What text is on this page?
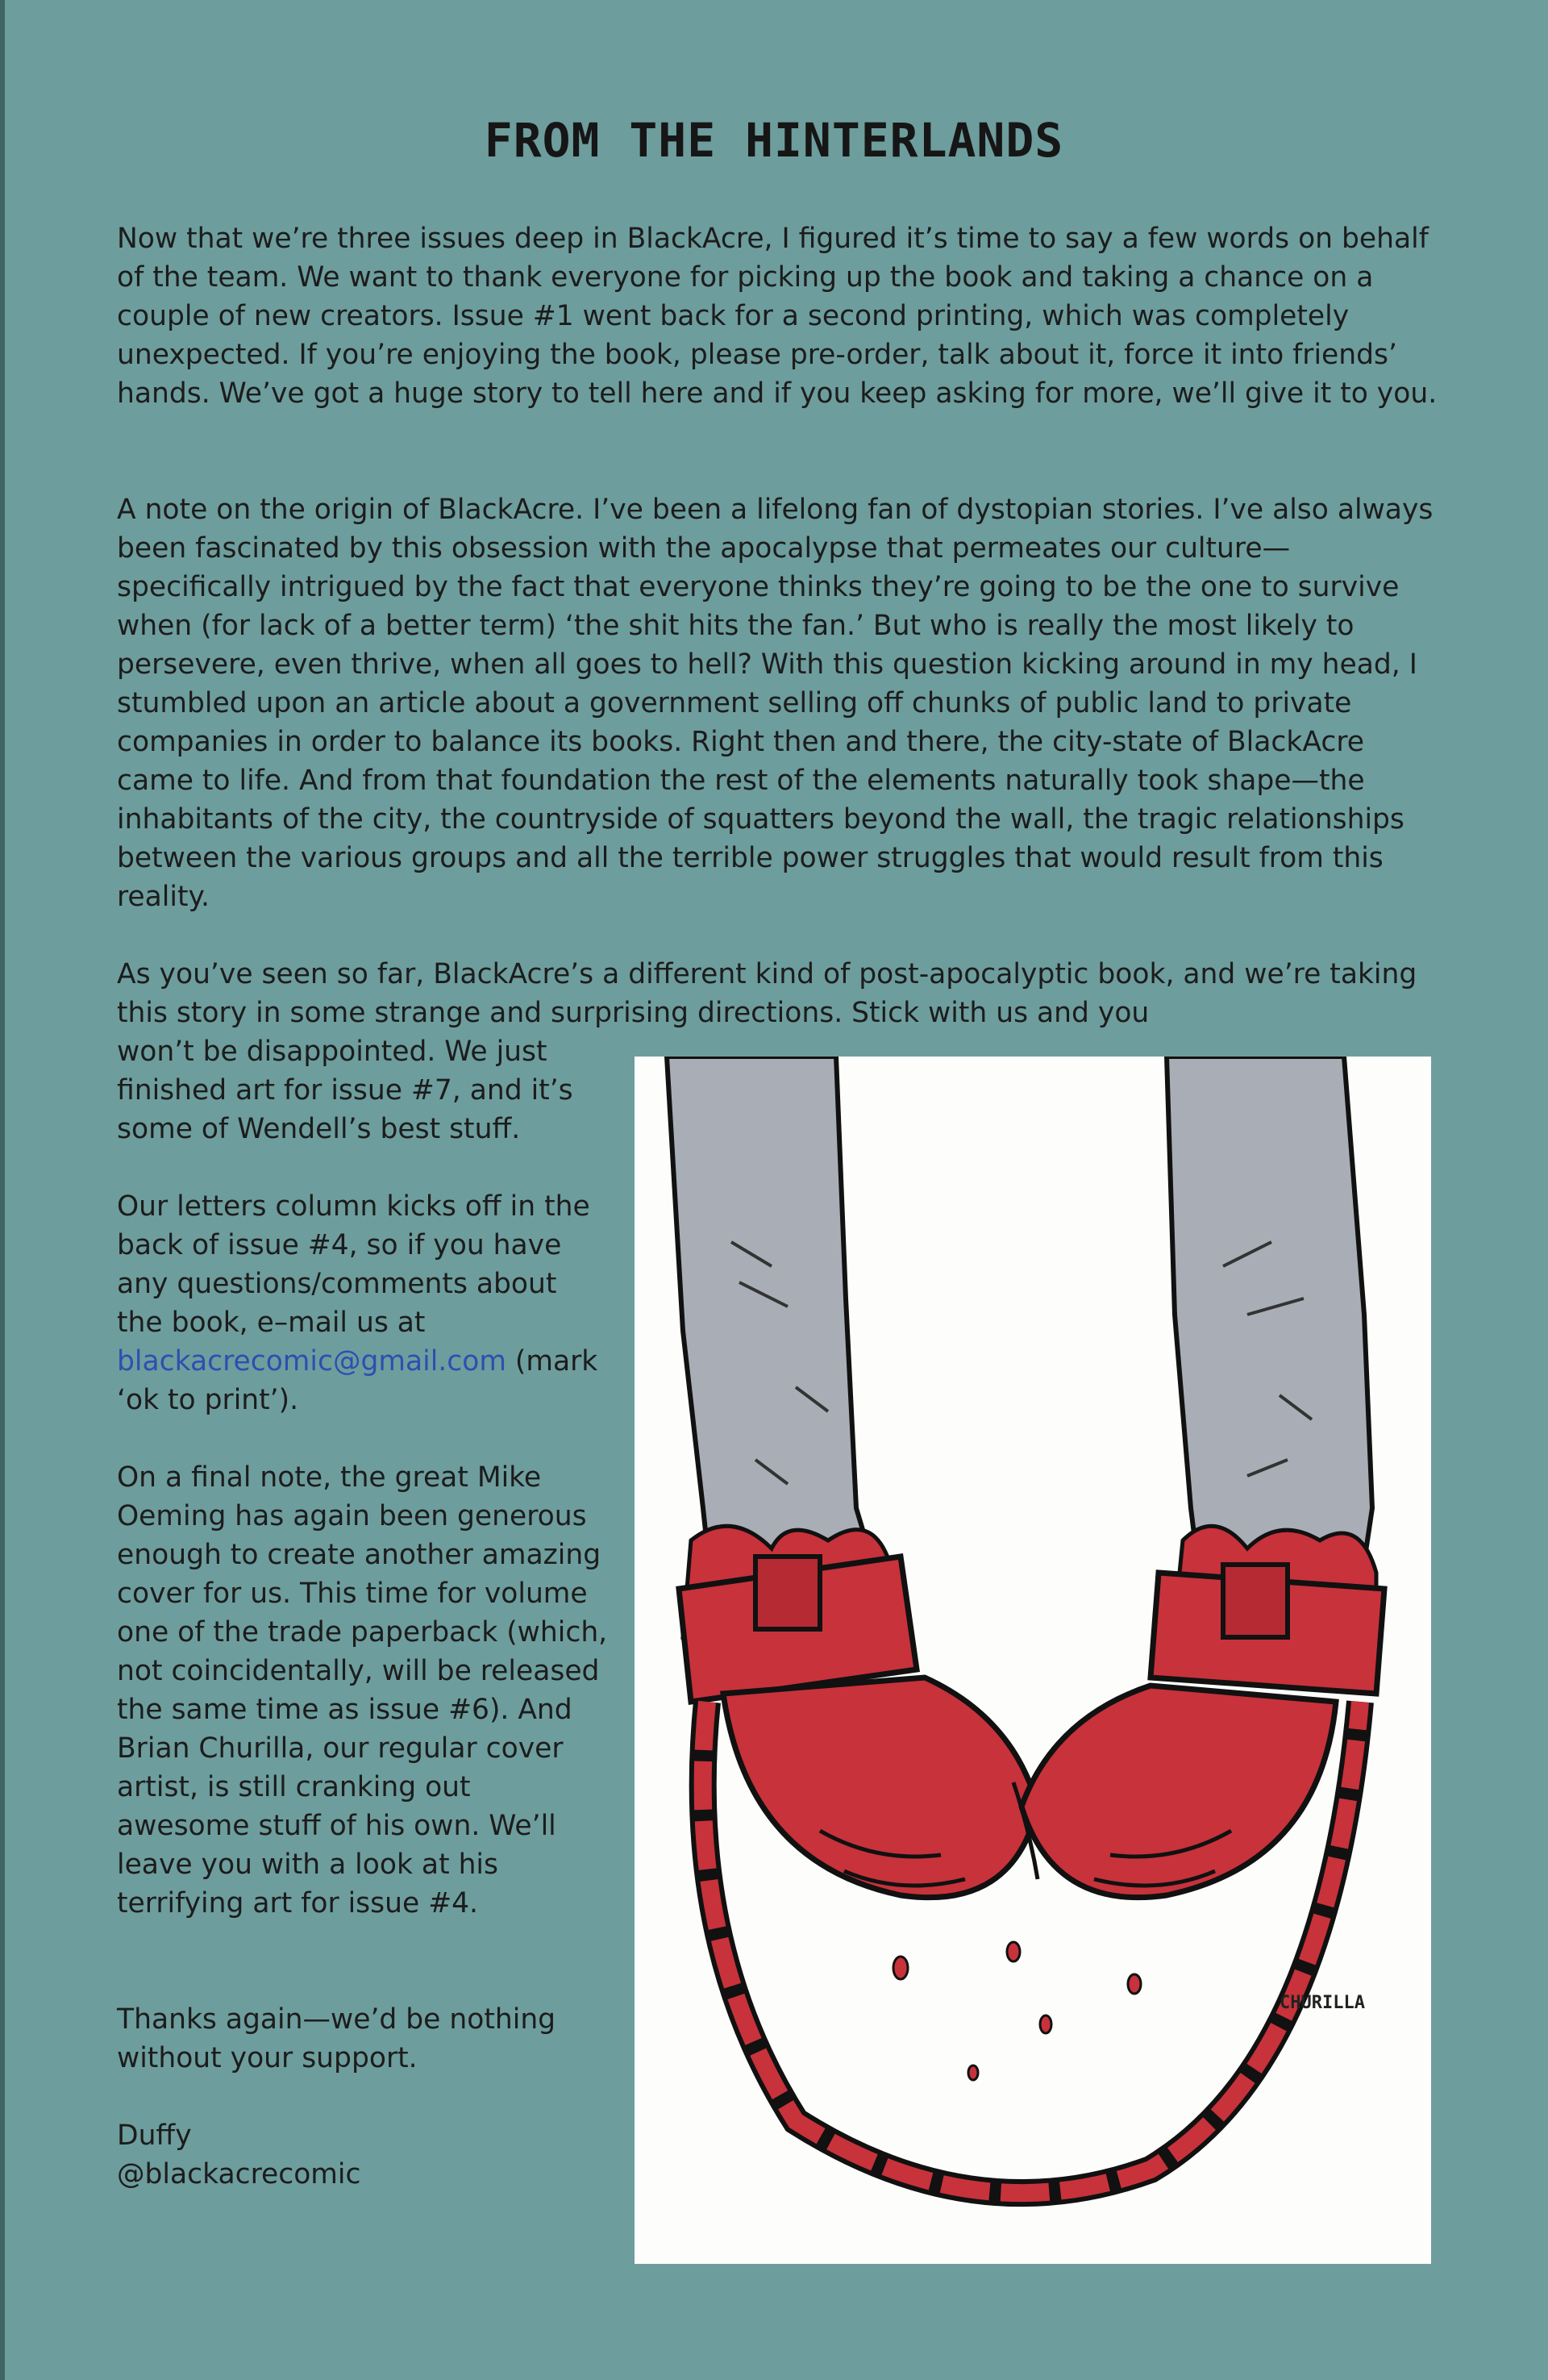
FROM THE HINTERLANDS

Now that we’re three issues deep in BlackAcre, I figured it’s time to say a few words on behalf of the team. We want to thank everyone for picking up the book and taking a chance on a couple of new creators. Issue #1 went back for a second printing, which was completely unexpected. If you’re enjoying the book, please pre-order, talk about it, force it into friends’ hands. We’ve got a huge story to tell here and if you keep asking for more, we’ll give it to you.

A note on the origin of BlackAcre. I’ve been a lifelong fan of dystopian stories. I’ve also always been fascinated by this obsession with the apocalypse that permeates our culture—specifically intrigued by the fact that everyone thinks they’re going to be the one to survive when (for lack of a better term) ‘the shit hits the fan.’ But who is really the most likely to persevere, even thrive, when all goes to hell? With this question kicking around in my head, I stumbled upon an article about a government selling off chunks of public land to private companies in order to balance its books. Right then and there, the city-state of BlackAcre came to life. And from that foundation the rest of the elements naturally took shape—the inhabitants of the city, the countryside of squatters beyond the wall, the tragic relationships between the various groups and all the terrible power struggles that would result from this reality.

As you’ve seen so far, BlackAcre’s a different kind of post-apocalyptic book, and we’re taking this story in some strange and surprising directions. Stick with us and you

won’t be disappointed. We just finished art for issue #7, and it’s some of Wendell’s best stuff.

Our letters column kicks off in the back of issue #4, so if you have any questions/comments about the book, e–mail us at blackacrecomic@gmail.com (mark ‘ok to print’).

On a final note, the great Mike Oeming has again been generous enough to create another amazing cover for us. This time for volume one of the trade paperback (which, not coincidentally, will be released the same time as issue #6). And Brian Churilla, our regular cover artist, is still cranking out awesome stuff of his own. We’ll leave you with a look at his terrifying art for issue #4.

Thanks again—we’d be nothing without your support.

Duffy

@blackacrecomic

CHURILLA
